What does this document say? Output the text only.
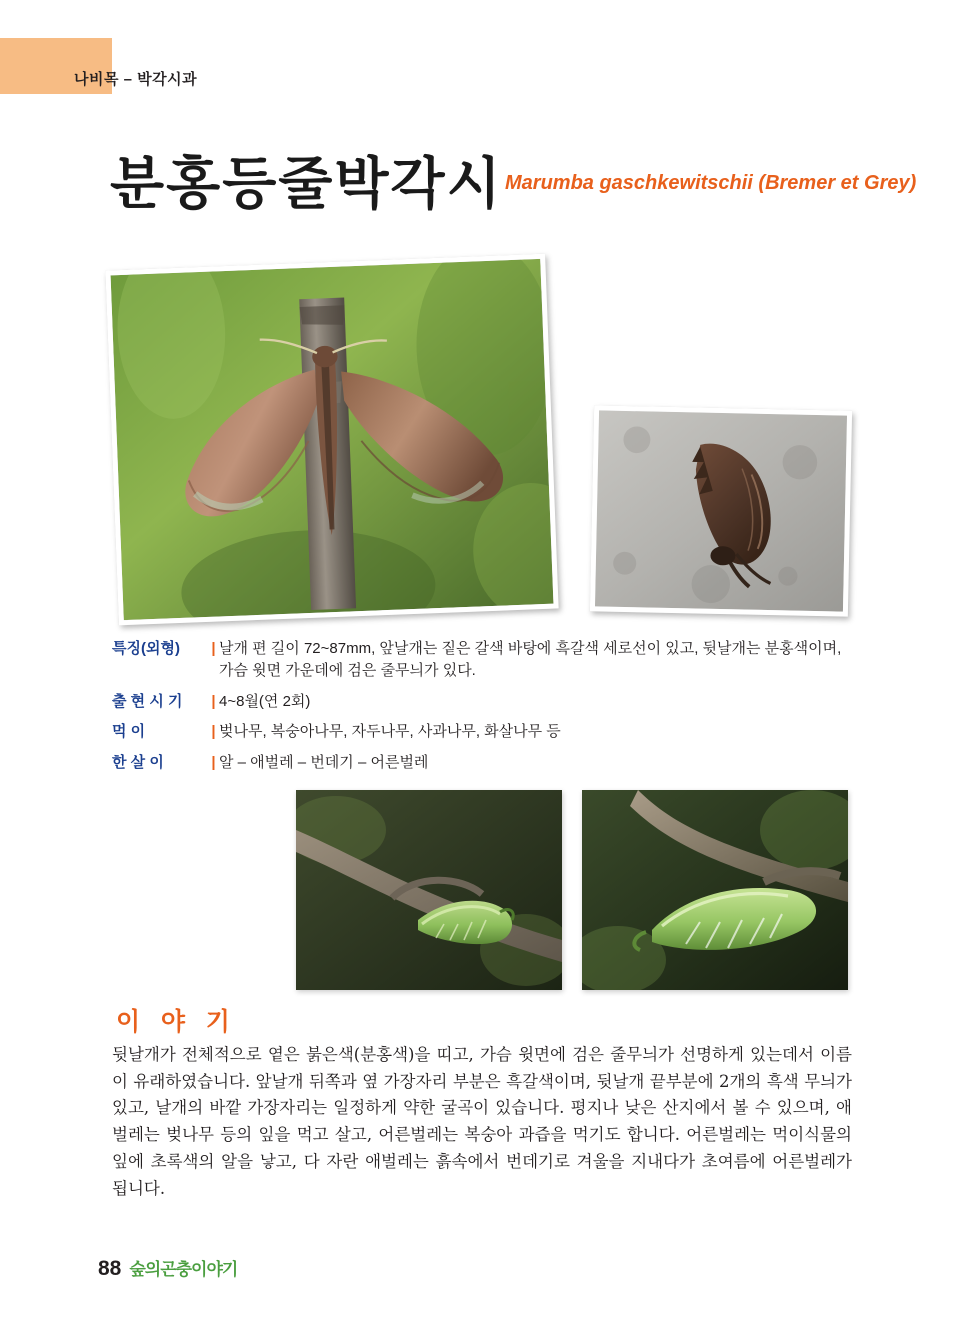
나비목 – 박각시과
분홍등줄박각시 Marumba gaschkewitschii (Bremer et Grey)
특징(외형)	| 날개 편 길이 72~87mm, 앞날개는 짙은 갈색 바탕에 흑갈색 세로선이 있고, 뒷날개는 분홍색이며, 가슴 윗면 가운데에 검은 줄무늬가 있다.
출 현 시 기	| 4~8월(연 2회)
먹 이	| 벚나무, 복숭아나무, 자두나무, 사과나무, 화살나무 등
한 살 이	| 알 – 애벌레 – 번데기 – 어른벌레
이 야 기
뒷날개가 전체적으로 옅은 붉은색(분홍색)을 띠고, 가슴 윗면에 검은 줄무늬가 선명하게 있는데서 이름이 유래하였습니다. 앞날개 뒤쪽과 옆 가장자리 부분은 흑갈색이며, 뒷날개 끝부분에 2개의 흑색 무늬가 있고, 날개의 바깥 가장자리는 일정하게 약한 굴곡이 있습니다. 평지나 낮은 산지에서 볼 수 있으며, 애벌레는 벚나무 등의 잎을 먹고 살고, 어른벌레는 복숭아 과즙을 먹기도 합니다. 어른벌레는 먹이식물의 잎에 초록색의 알을 낳고, 다 자란 애벌레는 흙속에서 번데기로 겨울을 지내다가 초여름에 어른벌레가 됩니다.
88 숲의곤충이야기
